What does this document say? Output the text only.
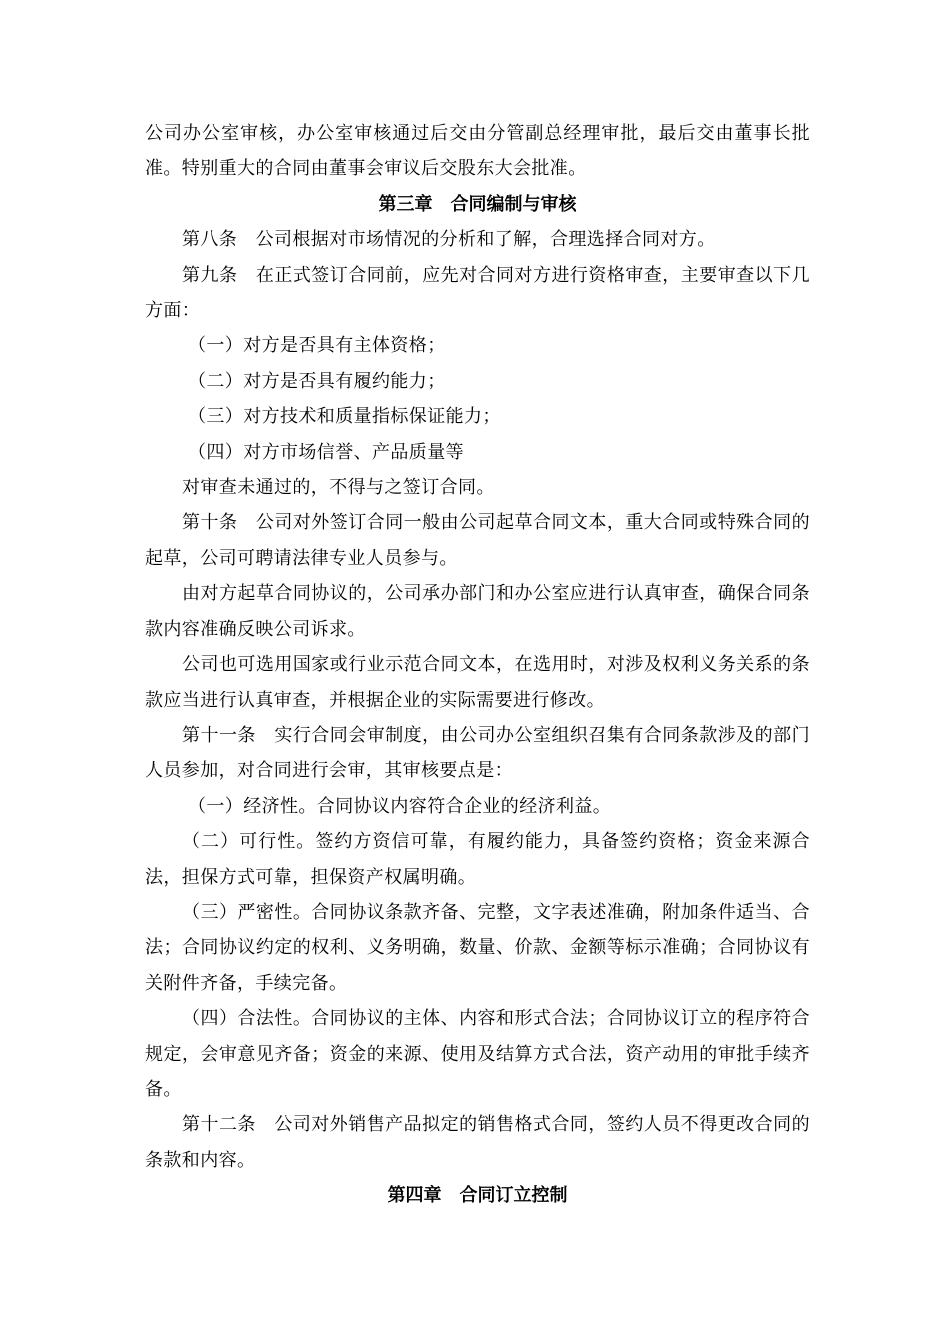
公司办公室审核，办公室审核通过后交由分管副总经理审批，最后交由董事长批准。特别重大的合同由董事会审议后交股东大会批准。

第三章　合同编制与审核

第八条　公司根据对市场情况的分析和了解，合理选择合同对方。

第九条　在正式签订合同前，应先对合同对方进行资格审查，主要审查以下几方面：

（一）对方是否具有主体资格；

（二）对方是否具有履约能力；

（三）对方技术和质量指标保证能力；

（四）对方市场信誉、产品质量等

对审查未通过的，不得与之签订合同。

第十条　公司对外签订合同一般由公司起草合同文本，重大合同或特殊合同的起草，公司可聘请法律专业人员参与。

由对方起草合同协议的，公司承办部门和办公室应进行认真审查，确保合同条款内容准确反映公司诉求。

公司也可选用国家或行业示范合同文本，在选用时，对涉及权利义务关系的条款应当进行认真审查，并根据企业的实际需要进行修改。

第十一条　实行合同会审制度，由公司办公室组织召集有合同条款涉及的部门人员参加，对合同进行会审，其审核要点是：

（一）经济性。合同协议内容符合企业的经济利益。

（二）可行性。签约方资信可靠，有履约能力，具备签约资格；资金来源合法，担保方式可靠，担保资产权属明确。

（三）严密性。合同协议条款齐备、完整，文字表述准确，附加条件适当、合法；合同协议约定的权利、义务明确，数量、价款、金额等标示准确；合同协议有关附件齐备，手续完备。

（四）合法性。合同协议的主体、内容和形式合法；合同协议订立的程序符合规定，会审意见齐备；资金的来源、使用及结算方式合法，资产动用的审批手续齐备。

第十二条　公司对外销售产品拟定的销售格式合同，签约人员不得更改合同的条款和内容。

第四章　合同订立控制
